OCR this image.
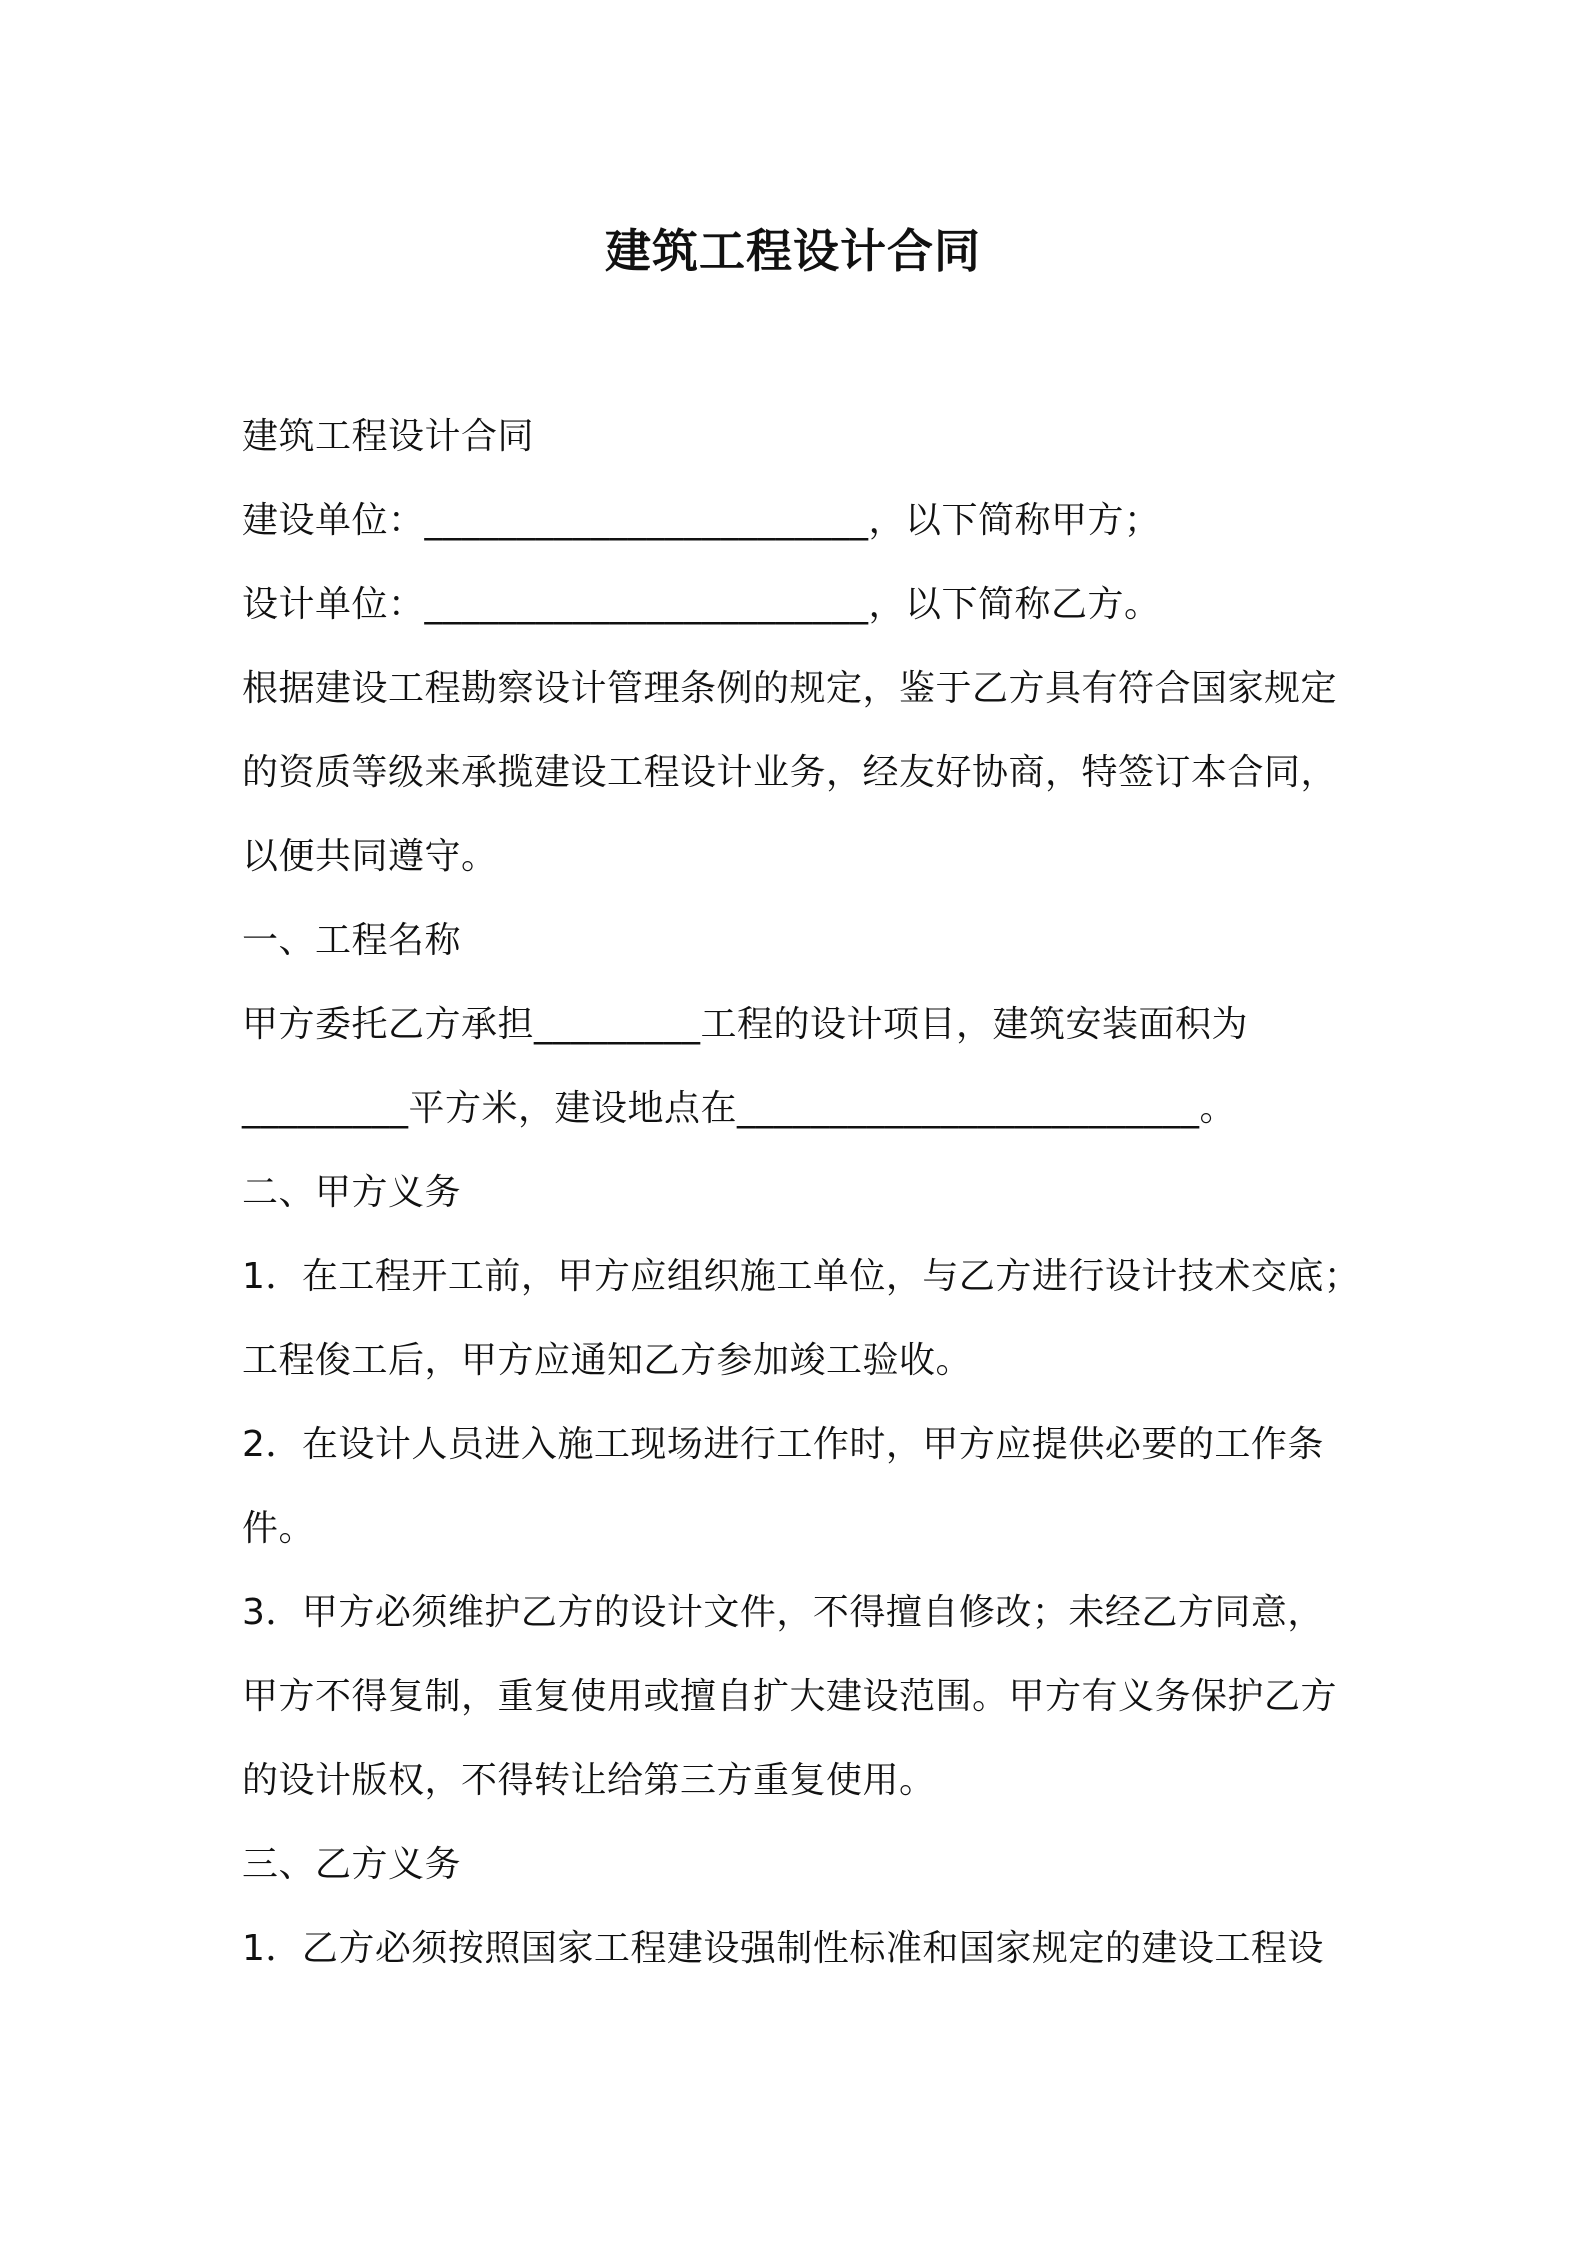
建筑工程设计合同
建筑工程设计合同
建设单位：________________________，以下简称甲方；
设计单位：________________________，以下简称乙方。
根据建设工程勘察设计管理条例的规定，鉴于乙方具有符合国家规定
的资质等级来承揽建设工程设计业务，经友好协商，特签订本合同，
以便共同遵守。
一、工程名称
甲方委托乙方承担_________工程的设计项目，建筑安装面积为
_________平方米，建设地点在_________________________。
二、甲方义务
1．在工程开工前，甲方应组织施工单位，与乙方进行设计技术交底；
工程俊工后，甲方应通知乙方参加竣工验收。
2．在设计人员进入施工现场进行工作时，甲方应提供必要的工作条
件。
3．甲方必须维护乙方的设计文件，不得擅自修改；未经乙方同意，
甲方不得复制，重复使用或擅自扩大建设范围。甲方有义务保护乙方
的设计版权，不得转让给第三方重复使用。
三、乙方义务
1．乙方必须按照国家工程建设强制性标准和国家规定的建设工程设
